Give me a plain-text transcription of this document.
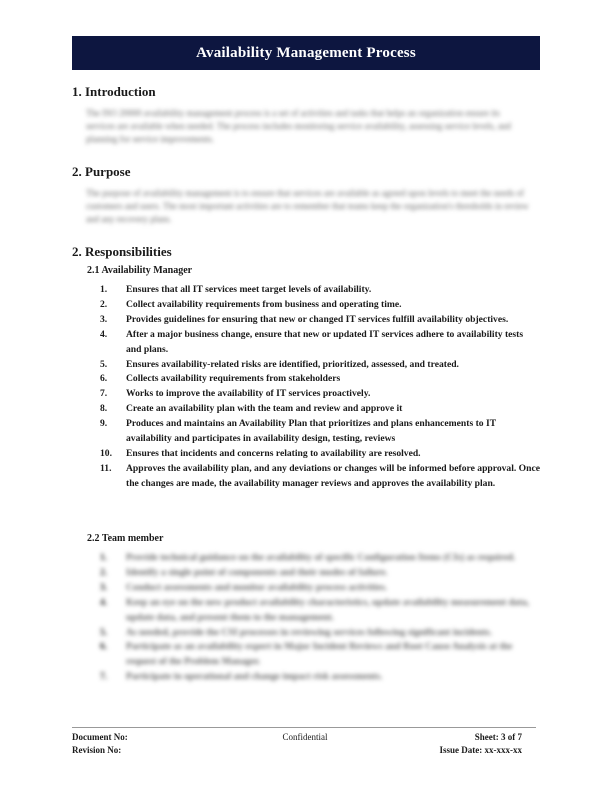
Availability Management Process
1. Introduction
The ISO 20000 availability management process is a set of activities and tasks that helps an organization ensure its services are available when needed. The process includes monitoring service availability, assessing service levels, and planning for service improvements.
2. Purpose
The purpose of availability management is to ensure that services are available as agreed upon levels to meet the needs of customers and users. The most important activities are to remember that teams keep the organization's thresholds in review and any recovery plans.
2. Responsibilities
2.1 Availability Manager
1.	Ensures that all IT services meet target levels of availability.
2.	Collect availability requirements from business and operating time.
3.	Provides guidelines for ensuring that new or changed IT services fulfill availability objectives.
4.	After a major business change, ensure that new or updated IT services adhere to availability tests and plans.
5.	Ensures availability-related risks are identified, prioritized, assessed, and treated.
6.	Collects availability requirements from stakeholders
7.	Works to improve the availability of IT services proactively.
8.	Create an availability plan with the team and review and approve it
9.	Produces and maintains an Availability Plan that prioritizes and plans enhancements to IT availability and participates in availability design, testing, reviews
10.	Ensures that incidents and concerns relating to availability are resolved.
11.	Approves the availability plan, and any deviations or changes will be informed before approval. Once the changes are made, the availability manager reviews and approves the availability plan.
2.2 Team member
1.	Provide technical guidance on the availability of specific Configuration Items (CIs) as required.
2.	Identify a single point of components and their modes of failure.
3.	Conduct assessments and monitor availability process activities.
4.	Keep an eye on the new product availability characteristics, update availability measurement data, update data, and present them to the management.
5.	As needed, provide the CSI processes in reviewing services following significant incidents.
6.	Participate as an availability expert in Major Incident Reviews and Root Cause Analysis at the request of the Problem Manager.
7.	Participate in operational and change impact risk assessments.
Document No:
Revision No:
Confidential	Sheet: 3 of 7
Issue Date: xx-xxx-xx
